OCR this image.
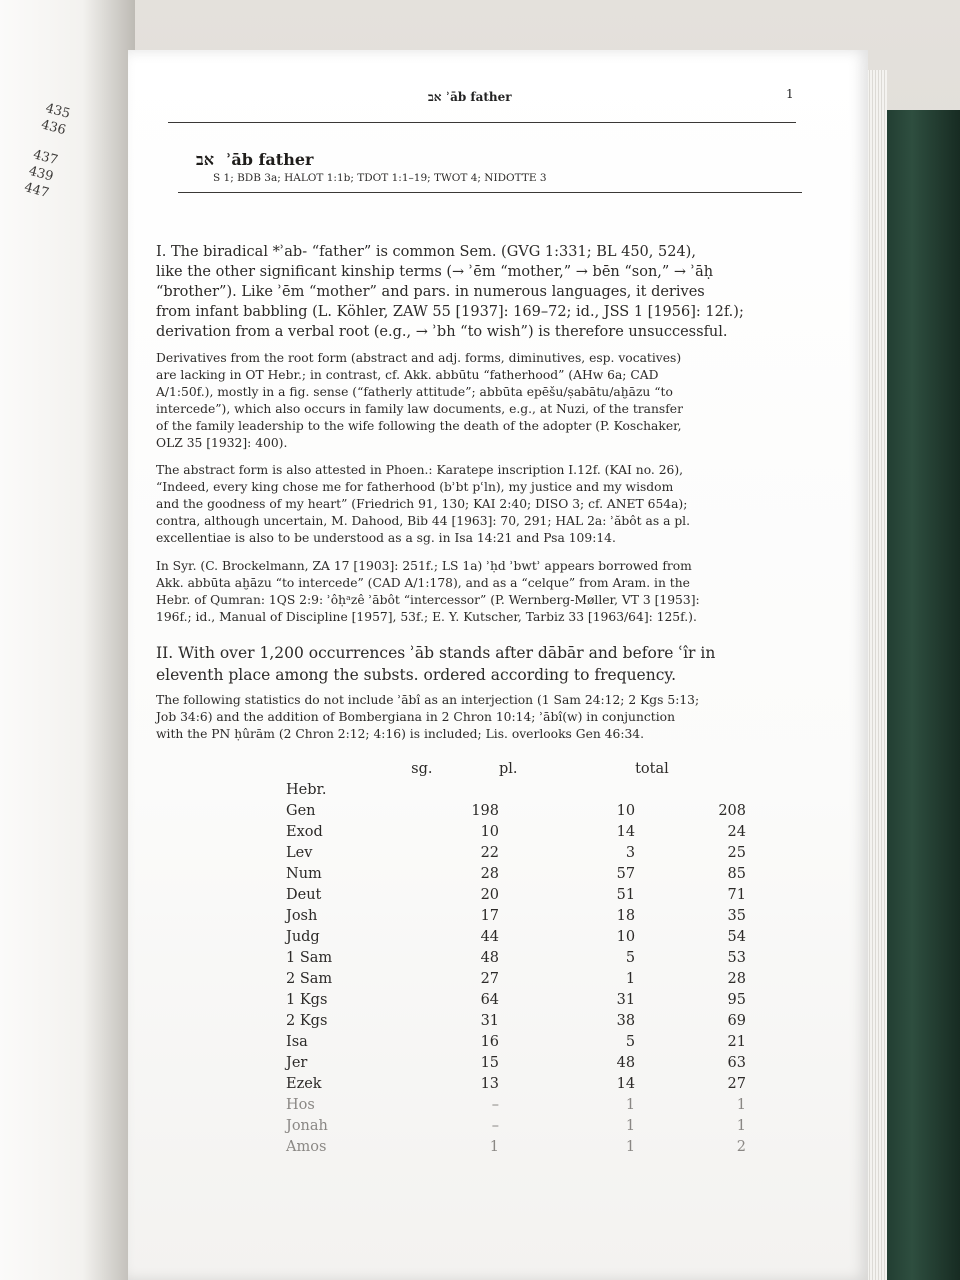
435
436
437
439
447
אב ʾāb father	1
אב ʾāb father
S 1; BDB 3a; HALOT 1:1b; TDOT 1:1–19; TWOT 4; NIDOTTE 3
I. The biradical *ʾab- “father” is common Sem. (GVG 1:331; BL 450, 524),
like the other significant kinship terms (→ ʾēm “mother,” → bēn “son,” → ʾāḥ
“brother”). Like ʾēm “mother” and pars. in numerous languages, it derives
from infant babbling (L. Köhler, ZAW 55 [1937]: 169–72; id., JSS 1 [1956]: 12f.);
derivation from a verbal root (e.g., → ʾbh “to wish”) is therefore unsuccessful.
Derivatives from the root form (abstract and adj. forms, diminutives, esp. vocatives)
are lacking in OT Hebr.; in contrast, cf. Akk. abbūtu “fatherhood” (AHw 6a; CAD
A/1:50f.), mostly in a fig. sense (“fatherly attitude”; abbūta epēšu/ṣabātu/aḫāzu “to
intercede”), which also occurs in family law documents, e.g., at Nuzi, of the transfer
of the family leadership to the wife following the death of the adopter (P. Koschaker,
OLZ 35 [1932]: 400).
The abstract form is also attested in Phoen.: Karatepe inscription I.12f. (KAI no. 26),
“Indeed, every king chose me for fatherhood (bʾbt pʿln), my justice and my wisdom
and the goodness of my heart” (Friedrich 91, 130; KAI 2:40; DISO 3; cf. ANET 654a);
contra, although uncertain, M. Dahood, Bib 44 [1963]: 70, 291; HAL 2a: ʾăbôt as a pl.
excellentiae is also to be understood as a sg. in Isa 14:21 and Psa 109:14.
In Syr. (C. Brockelmann, ZA 17 [1903]: 251f.; LS 1a) ʾḥd ʾbwtʾ appears borrowed from
Akk. abbūta aḫāzu “to intercede” (CAD A/1:178), and as a “celque” from Aram. in the
Hebr. of Qumran: 1QS 2:9: ʾôḥᵃzê ʾābôt “intercessor” (P. Wernberg-Møller, VT 3 [1953]:
196f.; id., Manual of Discipline [1957], 53f.; E. Y. Kutscher, Tarbiz 33 [1963/64]: 125f.).
II. With over 1,200 occurrences ʾāb stands after dābār and before ʿîr in
eleventh place among the substs. ordered according to frequency.
The following statistics do not include ʾābî as an interjection (1 Sam 24:12; 2 Kgs 5:13;
Job 34:6) and the addition of Bombergiana in 2 Chron 10:14; ʾābî(w) in conjunction
with the PN ḥûrām (2 Chron 2:12; 4:16) is included; Lis. overlooks Gen 46:34.
	sg.	pl.	total
Hebr.			
Gen	198	10	208
Exod	10	14	24
Lev	22	3	25
Num	28	57	85
Deut	20	51	71
Josh	17	18	35
Judg	44	10	54
1 Sam	48	5	53
2 Sam	27	1	28
1 Kgs	64	31	95
2 Kgs	31	38	69
Isa	16	5	21
Jer	15	48	63
Ezek	13	14	27
Hos	–	1	1
Jonah	–	1	1
Amos	1	1	2
